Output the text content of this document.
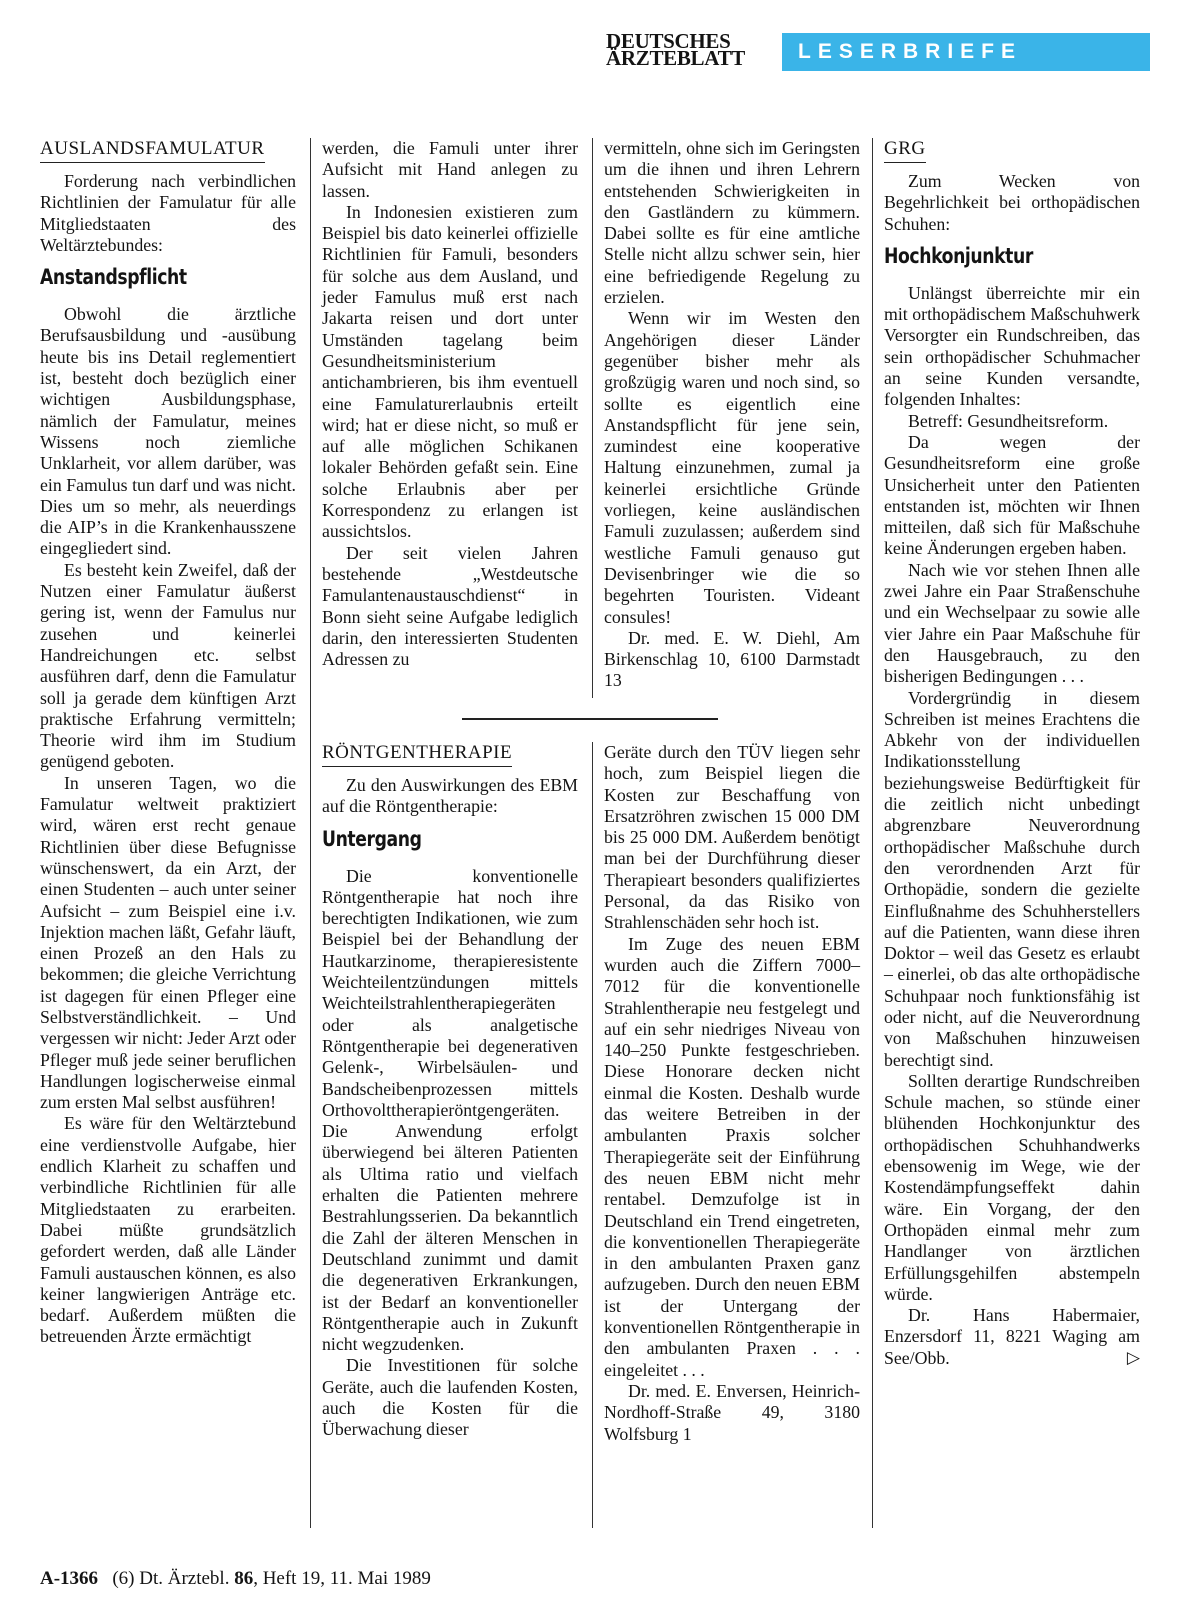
DEUTSCHES
ÄRZTEBLATT	LESERBRIEFE
AUSLANDSFAMULATUR

Forderung nach verbindlichen Richtlinien der Famulatur für alle Mitgliedstaaten des Weltärztebundes:

Anstandspflicht

Obwohl die ärztliche Berufsausbildung und -ausübung heute bis ins Detail reglementiert ist, besteht doch bezüglich einer wichtigen Ausbildungsphase, nämlich der Famulatur, meines Wissens noch ziemliche Unklarheit, vor allem darüber, was ein Famulus tun darf und was nicht. Dies um so mehr, als neuerdings die AIP’s in die Krankenhausszene eingegliedert sind.

Es besteht kein Zweifel, daß der Nutzen einer Famulatur äußerst gering ist, wenn der Famulus nur zusehen und keinerlei Handreichungen etc. selbst ausführen darf, denn die Famulatur soll ja gerade dem künftigen Arzt praktische Erfahrung vermitteln; Theorie wird ihm im Studium genügend geboten.

In unseren Tagen, wo die Famulatur weltweit praktiziert wird, wären erst recht genaue Richtlinien über diese Befugnisse wünschenswert, da ein Arzt, der einen Studenten – auch unter seiner Aufsicht – zum Beispiel eine i.v. Injektion machen läßt, Gefahr läuft, einen Prozeß an den Hals zu bekommen; die gleiche Verrichtung ist dagegen für einen Pfleger eine Selbstverständlichkeit. – Und vergessen wir nicht: Jeder Arzt oder Pfleger muß jede seiner beruflichen Handlungen logischerweise einmal zum ersten Mal selbst ausführen!

Es wäre für den Weltärztebund eine verdienstvolle Aufgabe, hier endlich Klarheit zu schaffen und verbindliche Richtlinien für alle Mitgliedstaaten zu erarbeiten. Dabei müßte grundsätzlich gefordert werden, daß alle Länder Famuli austauschen können, es also keiner langwierigen Anträge etc. bedarf. Außerdem müßten die betreuenden Ärzte ermächtigt

werden, die Famuli unter ihrer Aufsicht mit Hand anlegen zu lassen.

In Indonesien existieren zum Beispiel bis dato keinerlei offizielle Richtlinien für Famuli, besonders für solche aus dem Ausland, und jeder Famulus muß erst nach Jakarta reisen und dort unter Umständen tagelang beim Gesundheitsministerium antichambrieren, bis ihm eventuell eine Famulaturerlaubnis erteilt wird; hat er diese nicht, so muß er auf alle möglichen Schikanen lokaler Behörden gefaßt sein. Eine solche Erlaubnis aber per Korrespondenz zu erlangen ist aussichtslos.

Der seit vielen Jahren bestehende „Westdeutsche Famulantenaustauschdienst“ in Bonn sieht seine Aufgabe lediglich darin, den interessierten Studenten Adressen zu

vermitteln, ohne sich im Geringsten um die ihnen und ihren Lehrern entstehenden Schwierigkeiten in den Gastländern zu kümmern. Dabei sollte es für eine amtliche Stelle nicht allzu schwer sein, hier eine befriedigende Regelung zu erzielen.

Wenn wir im Westen den Angehörigen dieser Länder gegenüber bisher mehr als großzügig waren und noch sind, so sollte es eigentlich eine Anstandspflicht für jene sein, zumindest eine kooperative Haltung einzunehmen, zumal ja keinerlei ersichtliche Gründe vorliegen, keine ausländischen Famuli zuzulassen; außerdem sind westliche Famuli genauso gut Devisenbringer wie die so begehrten Touristen. Videant consules!

Dr. med. E. W. Diehl, Am Birkenschlag 10, 6100 Darmstadt 13

RÖNTGENTHERAPIE

Zu den Auswirkungen des EBM auf die Röntgentherapie:

Untergang

Die konventionelle Röntgentherapie hat noch ihre berechtigten Indikationen, wie zum Beispiel bei der Behandlung der Hautkarzinome, therapieresistente Weichteilentzündungen mittels Weichteilstrahlentherapiegeräten oder als analgetische Röntgentherapie bei degenerativen Gelenk-, Wirbelsäulen- und Bandscheibenprozessen mittels Orthovolttherapieröntgengeräten. Die Anwendung erfolgt überwiegend bei älteren Patienten als Ultima ratio und vielfach erhalten die Patienten mehrere Bestrahlungsserien. Da bekanntlich die Zahl der älteren Menschen in Deutschland zunimmt und damit die degenerativen Erkrankungen, ist der Bedarf an konventioneller Röntgentherapie auch in Zukunft nicht wegzudenken.

Die Investitionen für solche Geräte, auch die laufenden Kosten, auch die Kosten für die Überwachung dieser

Geräte durch den TÜV liegen sehr hoch, zum Beispiel liegen die Kosten zur Beschaffung von Ersatzröhren zwischen 15 000 DM bis 25 000 DM. Außerdem benötigt man bei der Durchführung dieser Therapieart besonders qualifiziertes Personal, da das Risiko von Strahlenschäden sehr hoch ist.

Im Zuge des neuen EBM wurden auch die Ziffern 7000–7012 für die konventionelle Strahlentherapie neu festgelegt und auf ein sehr niedriges Niveau von 140–250 Punkte festgeschrieben. Diese Honorare decken nicht einmal die Kosten. Deshalb wurde das weitere Betreiben in der ambulanten Praxis solcher Therapiegeräte seit der Einführung des neuen EBM nicht mehr rentabel. Demzufolge ist in Deutschland ein Trend eingetreten, die konventionellen Therapiegeräte in den ambulanten Praxen ganz aufzugeben. Durch den neuen EBM ist der Untergang der konventionellen Röntgentherapie in den ambulanten Praxen . . . eingeleitet . . .

Dr. med. E. Enversen, Heinrich-Nordhoff-Straße 49, 3180 Wolfsburg 1

GRG

Zum Wecken von Begehrlichkeit bei orthopädischen Schuhen:

Hochkonjunktur

Unlängst überreichte mir ein mit orthopädischem Maßschuhwerk Versorgter ein Rundschreiben, das sein orthopädischer Schuhmacher an seine Kunden versandte, folgenden Inhaltes:

Betreff: Gesundheitsreform.

Da wegen der Gesundheitsreform eine große Unsicherheit unter den Patienten entstanden ist, möchten wir Ihnen mitteilen, daß sich für Maßschuhe keine Änderungen ergeben haben.

Nach wie vor stehen Ihnen alle zwei Jahre ein Paar Straßenschuhe und ein Wechselpaar zu sowie alle vier Jahre ein Paar Maßschuhe für den Hausgebrauch, zu den bisherigen Bedingungen . . .

Vordergründig in diesem Schreiben ist meines Erachtens die Abkehr von der individuellen Indikationsstellung beziehungsweise Bedürftigkeit für die zeitlich nicht unbedingt abgrenzbare Neuverordnung orthopädischer Maßschuhe durch den verordnenden Arzt für Orthopädie, sondern die gezielte Einflußnahme des Schuhherstellers auf die Patienten, wann diese ihren Doktor – weil das Gesetz es erlaubt – einerlei, ob das alte orthopädische Schuhpaar noch funktionsfähig ist oder nicht, auf die Neuverordnung von Maßschuhen hinzuweisen berechtigt sind.

Sollten derartige Rundschreiben Schule machen, so stünde einer blühenden Hochkonjunktur des orthopädischen Schuhhandwerks ebensowenig im Wege, wie der Kostendämpfungseffekt dahin wäre. Ein Vorgang, der den Orthopäden einmal mehr zum Handlanger von ärztlichen Erfüllungsgehilfen abstempeln würde.

Dr. Hans Habermaier, Enzersdorf 11, 8221 Waging am See/Obb.	▷

A-1366 (6) Dt. Ärztebl. 86, Heft 19, 11. Mai 1989
